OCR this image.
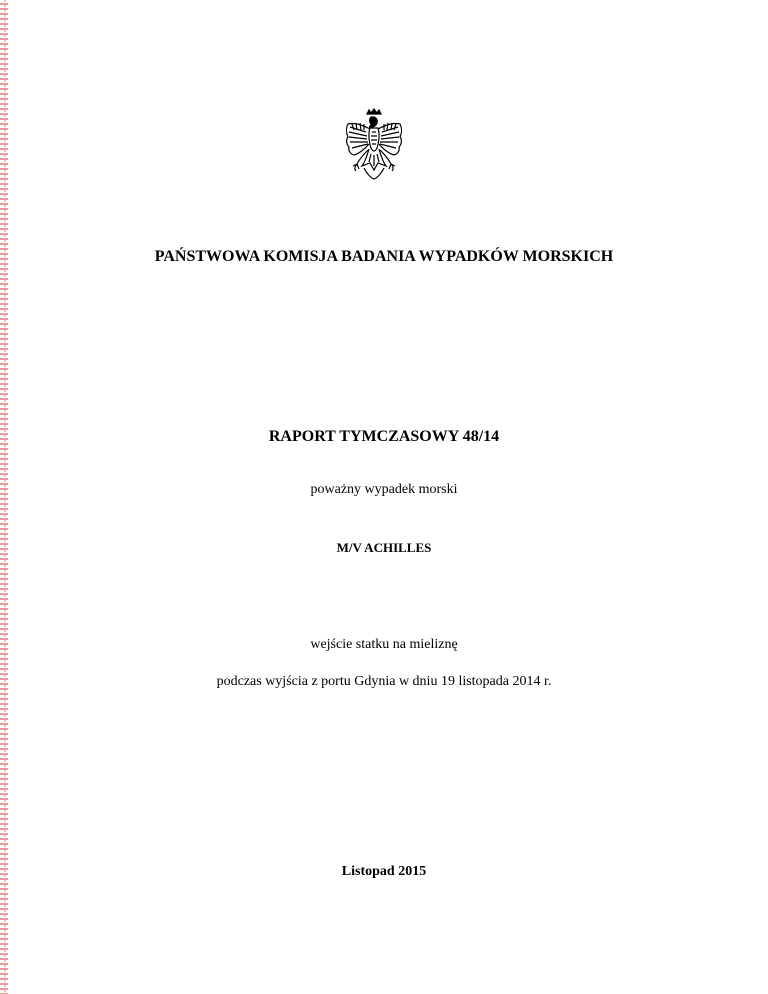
PAŃSTWOWA KOMISJA BADANIA WYPADKÓW MORSKICH
RAPORT TYMCZASOWY 48/14
poważny wypadek morski
M/V ACHILLES
wejście statku na mieliznę
podczas wyjścia z portu Gdynia w dniu 19 listopada 2014 r.
Listopad 2015
